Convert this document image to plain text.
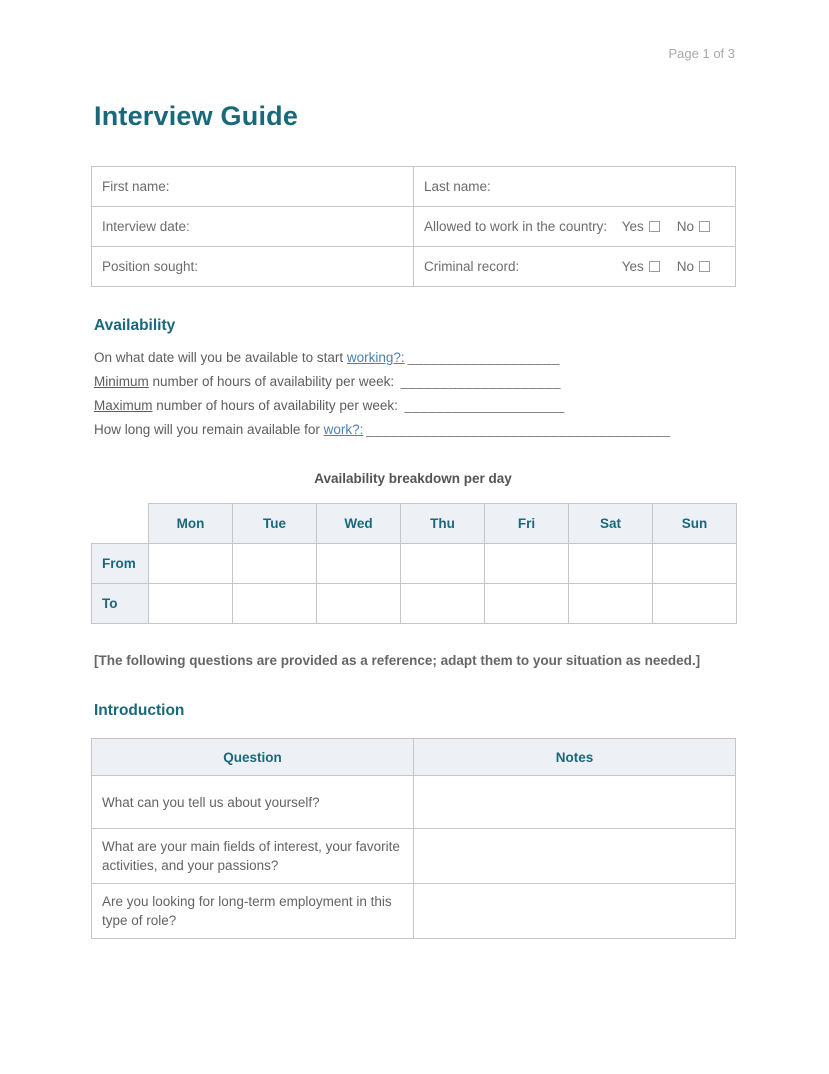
Page 1 of 3
Interview Guide
First name:	Last name:
Interview date:	Allowed to work in the country: Yes No

Position sought:	Criminal record: Yes No
Availability
On what date will you be available to start working?: ___________________
Minimum number of hours of availability per week: ____________________
Maximum number of hours of availability per week: ____________________
How long will you remain available for work?: ______________________________________
Availability breakdown per day
	Mon	Tue	Wed	Thu	Fri	Sat	Sun
From							
To							
[The following questions are provided as a reference; adapt them to your situation as needed.]
Introduction
Question	Notes
What can you tell us about yourself?	
What are your main fields of interest, your favorite activities, and your passions?	
Are you looking for long-term employment in this type of role?	
